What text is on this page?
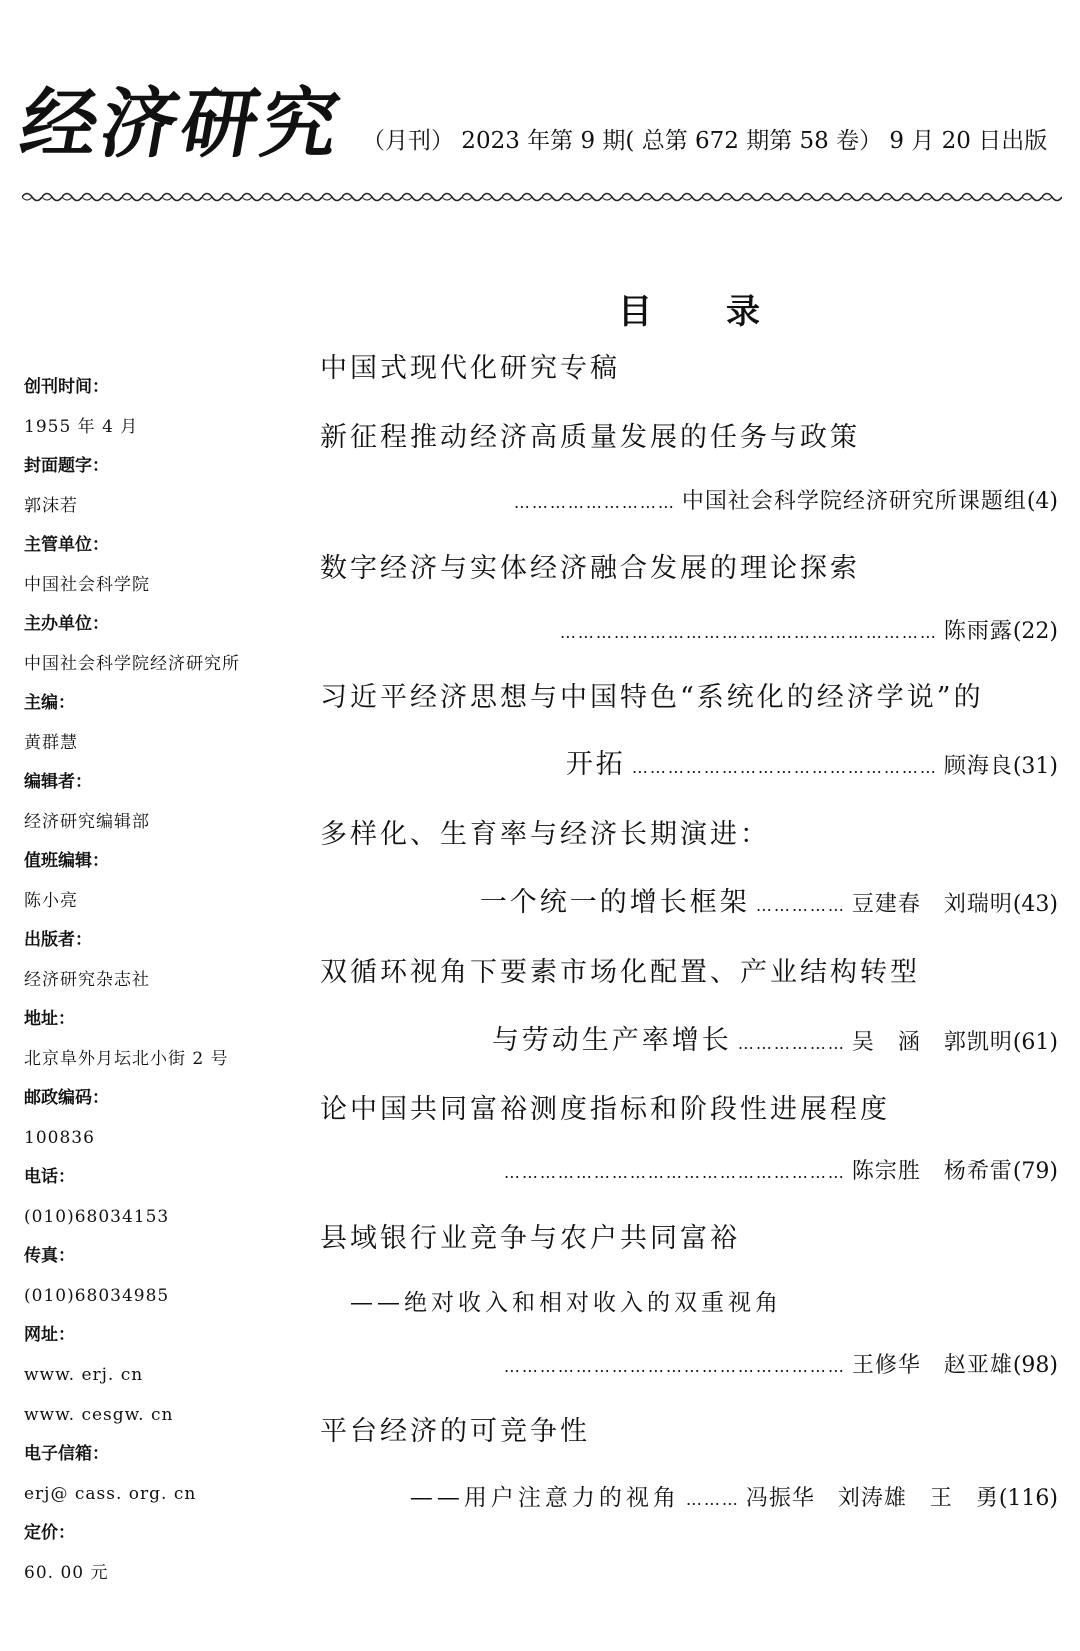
经济研究 （月刊） 2023 年第 9 期( 总第 672 期第 58 卷） 9 月 20 日出版
目录
创刊时间：
1955 年 4 月
封面题字：
郭沫若
主管单位：
中国社会科学院
主办单位：
中国社会科学院经济研究所
主编：
黄群慧
编辑者：
经济研究编辑部
值班编辑：
陈小亮
出版者：
经济研究杂志社
地址：
北京阜外月坛北小街 2 号
邮政编码：
100836
电话：
(010)68034153
传真：
(010)68034985
网址：
www. erj. cn
www. cesgw. cn
电子信箱：
erj@ cass. org. cn
定价：
60. 00 元
中国式现代化研究专稿
新征程推动经济高质量发展的任务与政策
……………………… 中国社会科学院经济研究所课题组 (4)
数字经济与实体经济融合发展的理论探索
……………………………………………………… 陈雨露 (22)
习近平经济思想与中国特色“系统化的经济学说”的
开拓 …………………………………………… 顾海良 (31)
多样化、生育率与经济长期演进：
一个统一的增长框架 …………… 豆建春　刘瑞明 (43)
双循环视角下要素市场化配置、产业结构转型
与劳动生产率增长 ……………… 吴　涵　郭凯明 (61)
论中国共同富裕测度指标和阶段性进展程度
………………………………………………… 陈宗胜　杨希雷 (79)
县域银行业竞争与农户共同富裕
——绝对收入和相对收入的双重视角
………………………………………………… 王修华　赵亚雄 (98)
平台经济的可竞争性
——用户注意力的视角 ……… 冯振华　刘涛雄　王　勇 (116)
